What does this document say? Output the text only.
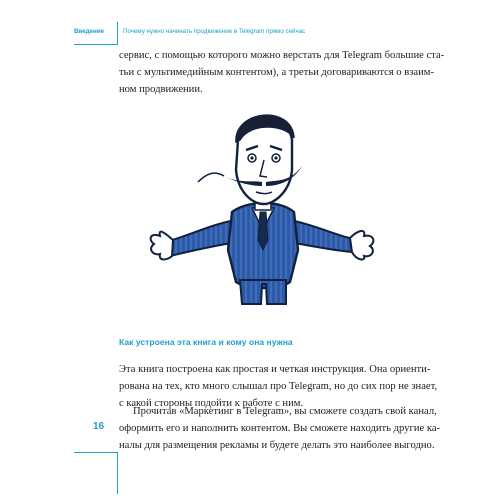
Введение	Почему нужно начинать продвижение в Telegram прямо сейчас

сервис, с помощью которого можно верстать для Telegram большие ста-
тьи с мультимедийным контентом), а третьи договариваются о взаим-
ном продвижении.

Как устроена эта книга и кому она нужна

Эта книга построена как простая и четкая инструкция. Она ориенти-
рована на тех, кто много слышал про Telegram, но до сих пор не знает,
с какой стороны подойти к работе с ним.

Прочитав «Маркетинг в Telegram», вы сможете создать свой канал,
оформить его и наполнить контентом. Вы сможете находить другие ка-
налы для размещения рекламы и будете делать это наиболее выгодно.

16
